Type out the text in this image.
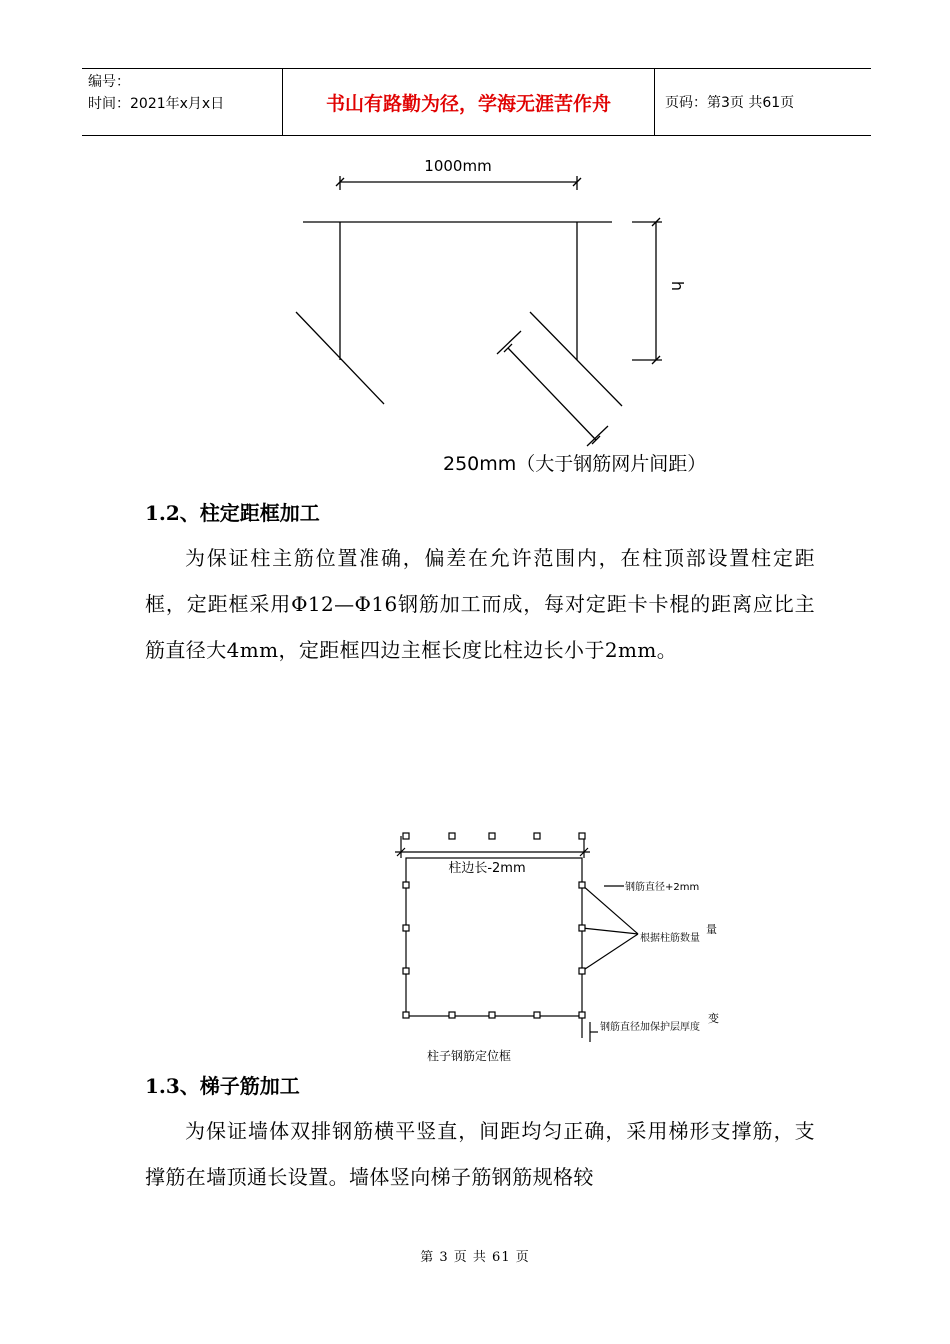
编号：
时间：2021年x月x日	书山有路勤为径，学海无涯苦作舟	页码：第3页 共61页
1000mm
h
250mm（大于钢筋网片间距）
1.2、柱定距框加工

为保证柱主筋位置准确，偏差在允许范围内，在柱顶部设置柱定距框，定距框采用Φ12—Φ16钢筋加工而成，每对定距卡卡棍的距离应比主筋直径大4mm，定距框四边主框长度比柱边长小于2mm。

柱边长-2mm
钢筋直径+2mm
根据柱筋数量
量
变
钢筋直径加保护层厚度
柱子钢筋定位框
1.3、梯子筋加工

为保证墙体双排钢筋横平竖直，间距均匀正确，采用梯形支撑筋，支撑筋在墙顶通长设置。墙体竖向梯子筋钢筋规格较

第 3 页 共 61 页
